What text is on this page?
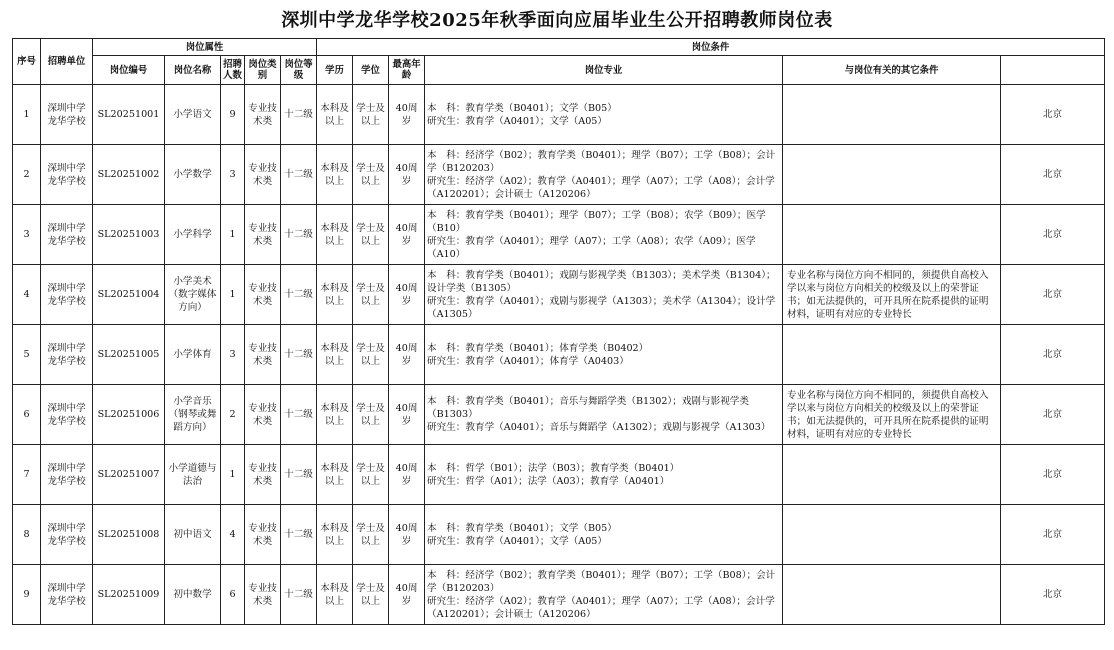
深圳中学龙华学校2025年秋季面向应届毕业生公开招聘教师岗位表
序号	招聘单位	岗位属性					岗位条件	
		岗位编号	岗位名称	招聘人数	岗位类别	岗位等级	学历	学位	最高年龄	岗位专业	与岗位有关的其它条件		
1	深圳中学龙华学校	SL20251001	小学语文	9	专业技术类	十二级	本科及以上	学士及以上	40周岁	本　科：教育学类（B0401）；文学（B05）
研究生：教育学（A0401）；文学（A05）		北京	
2	深圳中学龙华学校	SL20251002	小学数学	3	专业技术类	十二级	本科及以上	学士及以上	40周岁	本　科：经济学（B02）；教育学类（B0401）；理学（B07）；工学（B08）；会计学（B120203）
研究生：经济学（A02）；教育学（A0401）；理学（A07）；工学（A08）；会计学（A120201）；会计硕士（A120206）		北京	
3	深圳中学龙华学校	SL20251003	小学科学	1	专业技术类	十二级	本科及以上	学士及以上	40周岁	本　科：教育学类（B0401）；理学（B07）；工学（B08）；农学（B09）；医学（B10）
研究生：教育学（A0401）；理学（A07）；工学（A08）；农学（A09）；医学（A10）		北京	
4	深圳中学龙华学校	SL20251004	小学美术（数字媒体方向）	1	专业技术类	十二级	本科及以上	学士及以上	40周岁	本　科：教育学类（B0401）；戏剧与影视学类（B1303）；美术学类（B1304）；设计学类（B1305）
研究生：教育学（A0401）；戏剧与影视学（A1303）；美术学（A1304）；设计学（A1305）	专业名称与岗位方向不相同的，须提供自高校入学以来与岗位方向相关的校级及以上的荣誉证书；如无法提供的，可开具所在院系提供的证明材料，证明有对应的专业特长	北京	
5	深圳中学龙华学校	SL20251005	小学体育	3	专业技术类	十二级	本科及以上	学士及以上	40周岁	本　科：教育学类（B0401）；体育学类（B0402）
研究生：教育学（A0401）；体育学（A0403）		北京	
6	深圳中学龙华学校	SL20251006	小学音乐（钢琴或舞蹈方向）	2	专业技术类	十二级	本科及以上	学士及以上	40周岁	本　科：教育学类（B0401）；音乐与舞蹈学类（B1302）；戏剧与影视学类（B1303）
研究生：教育学（A0401）；音乐与舞蹈学（A1302）；戏剧与影视学（A1303）	专业名称与岗位方向不相同的，须提供自高校入学以来与岗位方向相关的校级及以上的荣誉证书；如无法提供的，可开具所在院系提供的证明材料，证明有对应的专业特长	北京	
7	深圳中学龙华学校	SL20251007	小学道德与法治	1	专业技术类	十二级	本科及以上	学士及以上	40周岁	本　科：哲学（B01）；法学（B03）；教育学类（B0401）
研究生：哲学（A01）；法学（A03）；教育学（A0401）		北京	
8	深圳中学龙华学校	SL20251008	初中语文	4	专业技术类	十二级	本科及以上	学士及以上	40周岁	本　科：教育学类（B0401）；文学（B05）
研究生：教育学（A0401）；文学（A05）		北京	
9	深圳中学龙华学校	SL20251009	初中数学	6	专业技术类	十二级	本科及以上	学士及以上	40周岁	本　科：经济学（B02）；教育学类（B0401）；理学（B07）；工学（B08）；会计学（B120203）
研究生：经济学（A02）；教育学（A0401）；理学（A07）；工学（A08）；会计学（A120201）；会计硕士（A120206）		北京	
